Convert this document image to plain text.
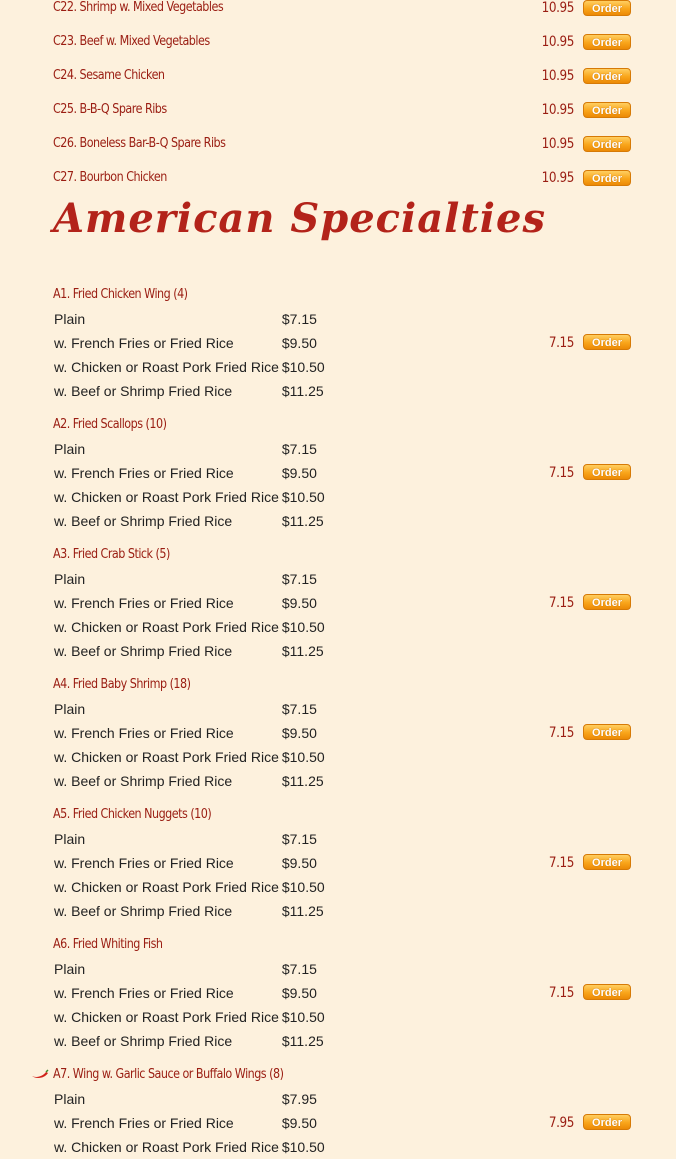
C22. Shrimp w. Mixed Vegetables	10.95	Order
C23. Beef w. Mixed Vegetables	10.95	Order
C24. Sesame Chicken	10.95	Order
C25. B-B-Q Spare Ribs	10.95	Order
C26. Boneless Bar-B-Q Spare Ribs	10.95	Order
C27. Bourbon Chicken	10.95	Order
American Specialties
A1. Fried Chicken Wing (4)
Plain	$7.15
w. French Fries or Fried Rice	$9.50
w. Chicken or Roast Pork Fried Rice	$10.50
w. Beef or Shrimp Fried Rice	$11.25
7.15	Order
A2. Fried Scallops (10)
Plain	$7.15
w. French Fries or Fried Rice	$9.50
w. Chicken or Roast Pork Fried Rice	$10.50
w. Beef or Shrimp Fried Rice	$11.25
7.15	Order
A3. Fried Crab Stick (5)
Plain	$7.15
w. French Fries or Fried Rice	$9.50
w. Chicken or Roast Pork Fried Rice	$10.50
w. Beef or Shrimp Fried Rice	$11.25
7.15	Order
A4. Fried Baby Shrimp (18)
Plain	$7.15
w. French Fries or Fried Rice	$9.50
w. Chicken or Roast Pork Fried Rice	$10.50
w. Beef or Shrimp Fried Rice	$11.25
7.15	Order
A5. Fried Chicken Nuggets (10)
Plain	$7.15
w. French Fries or Fried Rice	$9.50
w. Chicken or Roast Pork Fried Rice	$10.50
w. Beef or Shrimp Fried Rice	$11.25
7.15	Order
A6. Fried Whiting Fish
Plain	$7.15
w. French Fries or Fried Rice	$9.50
w. Chicken or Roast Pork Fried Rice	$10.50
w. Beef or Shrimp Fried Rice	$11.25
7.15	Order
A7. Wing w. Garlic Sauce or Buffalo Wings (8)
Plain	$7.95
w. French Fries or Fried Rice	$9.50
w. Chicken or Roast Pork Fried Rice	$10.50
7.95	Order
